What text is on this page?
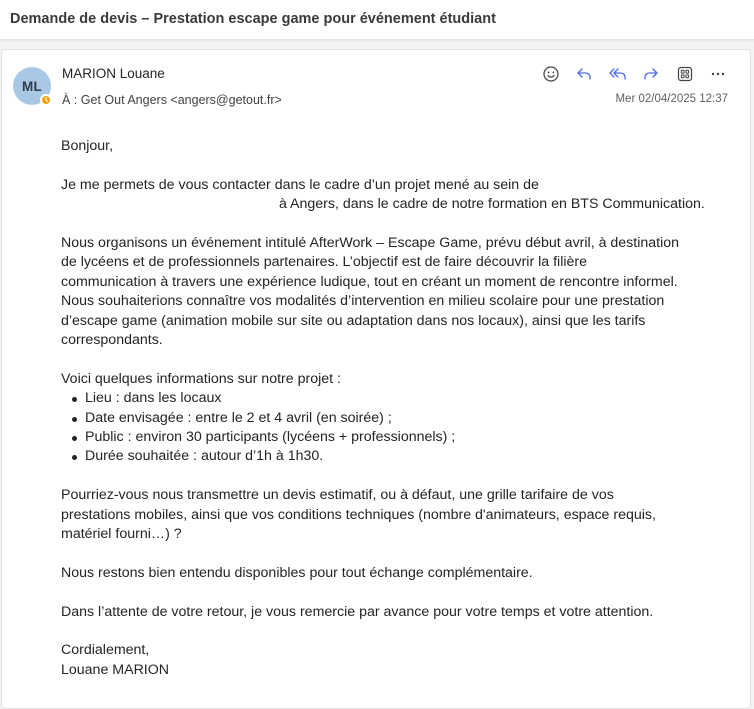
Demande de devis – Prestation escape game pour événement étudiant
ML
MARION Louane
À : Get Out Angers <angers@getout.fr>	Mer 02/04/2025 12:37

Bonjour,

Je me permets de vous contacter dans le cadre d’un projet mené au sein de

à Angers, dans le cadre de notre formation en BTS Communication.

Nous organisons un événement intitulé AfterWork – Escape Game, prévu début avril, à destination

de lycéens et de professionnels partenaires. L’objectif est de faire découvrir la filière

communication à travers une expérience ludique, tout en créant un moment de rencontre informel.

Nous souhaiterions connaître vos modalités d’intervention en milieu scolaire pour une prestation

d’escape game (animation mobile sur site ou adaptation dans nos locaux), ainsi que les tarifs

correspondants.

Voici quelques informations sur notre projet :

Lieu : dans les locaux
Date envisagée : entre le 2 et 4 avril (en soirée) ;
Public : environ 30 participants (lycéens + professionnels) ;
Durée souhaitée : autour d’1h à 1h30.

Pourriez-vous nous transmettre un devis estimatif, ou à défaut, une grille tarifaire de vos

prestations mobiles, ainsi que vos conditions techniques (nombre d'animateurs, espace requis,

matériel fourni…) ?

Nous restons bien entendu disponibles pour tout échange complémentaire.

Dans l’attente de votre retour, je vous remercie par avance pour votre temps et votre attention.

Cordialement,

Louane MARION
